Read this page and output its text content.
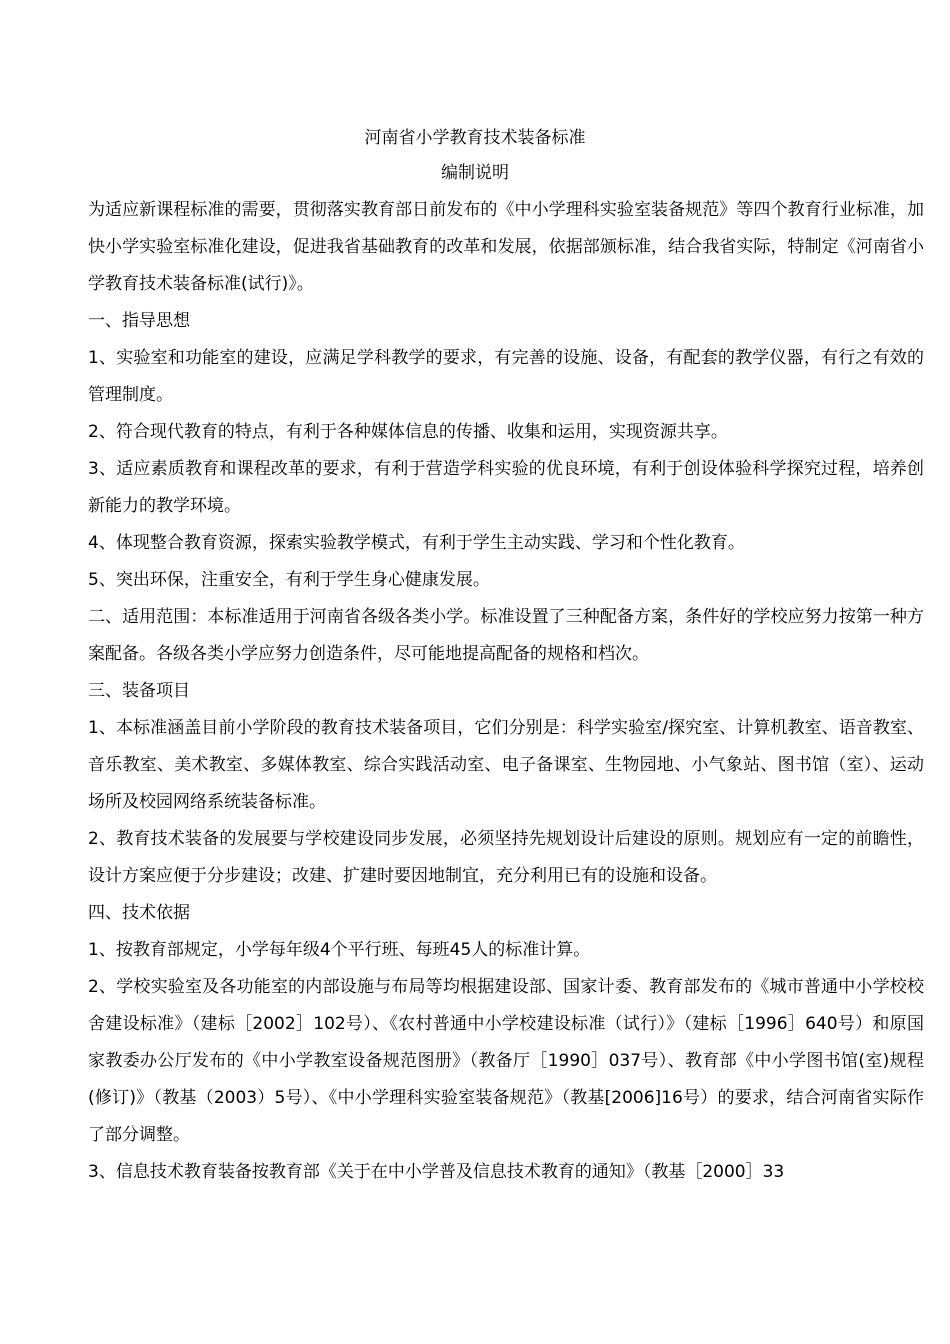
河南省小学教育技术装备标准
编制说明

为适应新课程标准的需要，贯彻落实教育部日前发布的《中小学理科实验室装备规范》等四个教育行业标准，加快小学实验室标准化建设，促进我省基础教育的改革和发展，依据部颁标准，结合我省实际，特制定《河南省小学教育技术装备标准(试行)》。

一、指导思想

1、实验室和功能室的建设，应满足学科教学的要求，有完善的设施、设备，有配套的教学仪器，有行之有效的管理制度。

2、符合现代教育的特点，有利于各种媒体信息的传播、收集和运用，实现资源共享。

3、适应素质教育和课程改革的要求，有利于营造学科实验的优良环境，有利于创设体验科学探究过程，培养创新能力的教学环境。

4、体现整合教育资源，探索实验教学模式，有利于学生主动实践、学习和个性化教育。

5、突出环保，注重安全，有利于学生身心健康发展。

二、适用范围：本标准适用于河南省各级各类小学。标准设置了三种配备方案，条件好的学校应努力按第一种方案配备。各级各类小学应努力创造条件，尽可能地提高配备的规格和档次。

三、装备项目

1、本标准涵盖目前小学阶段的教育技术装备项目，它们分别是：科学实验室/探究室、计算机教室、语音教室、音乐教室、美术教室、多媒体教室、综合实践活动室、电子备课室、生物园地、小气象站、图书馆（室）、运动场所及校园网络系统装备标准。

2、教育技术装备的发展要与学校建设同步发展，必须坚持先规划设计后建设的原则。规划应有一定的前瞻性，设计方案应便于分步建设；改建、扩建时要因地制宜，充分利用已有的设施和设备。

四、技术依据

1、按教育部规定，小学每年级4个平行班、每班45人的标准计算。

2、学校实验室及各功能室的内部设施与布局等均根据建设部、国家计委、教育部发布的《城市普通中小学校校舍建设标准》（建标［2002］102号）、《农村普通中小学校建设标准（试行）》（建标［1996］640号）和原国家教委办公厅发布的《中小学教室设备规范图册》（教备厅［1990］037号）、教育部《中小学图书馆(室)规程(修订)》（教基（2003）5号）、《中小学理科实验室装备规范》（教基[2006]16号）的要求，结合河南省实际作了部分调整。

3、信息技术教育装备按教育部《关于在中小学普及信息技术教育的通知》（教基［2000］33
